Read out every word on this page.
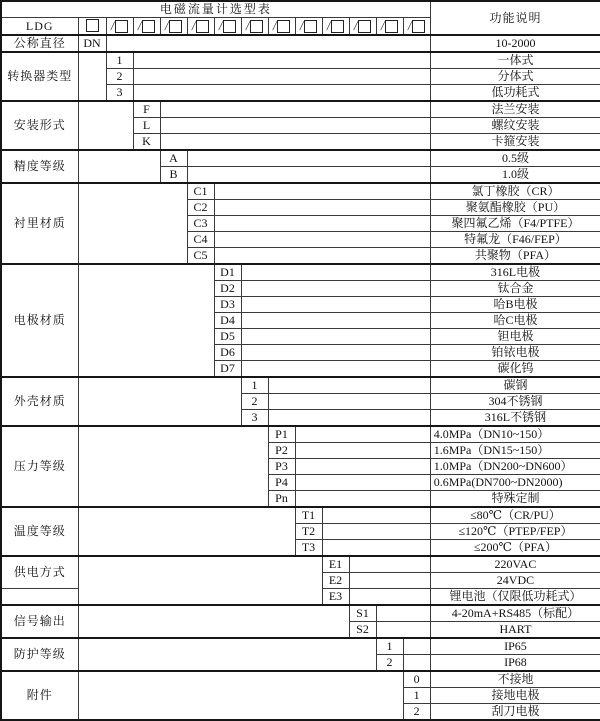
电磁流量计选型表														功能说明
LDG		/	/	/	/	/	/	/	/	/	/	/	/	
公称直径	DN													10-2000
转换器类型		1												一体式
		2												分体式
		3												低功耗式
安装形式			F											法兰安装
			L											螺纹安装
			K											卡箍安装
精度等级				A										0.5级
				B										1.0级
衬里材质					C1									氯丁橡胶（CR）
					C2									聚氨酯橡胶（PU）
					C3									聚四氟乙烯（F4/PTFE）
					C4									特氟龙（F46/FEP）
					C5									共聚物（PFA）
电极材质						D1								316L电极
						D2								钛合金
						D3								哈B电极
						D4								哈C电极
						D5								钽电极
						D6								铂铱电极
						D7								碳化钨
外壳材质							1							碳钢
							2							304不锈钢
							3							316L不锈钢
压力等级								P1						4.0MPa（DN10~150）
								P2						1.6MPa（DN15~150）
								P3						1.0MPa（DN200~DN600）
								P4						0.6MPa(DN700~DN2000)
								Pn						特殊定制
温度等级									T1					≤80℃（CR/PU）
									T2					≤120℃（PTEP/FEP）
									T3					≤200℃（PFA）
供电方式										E1				220VAC
										E2				24VDC
										E3				锂电池（仅限低功耗式）
信号输出											S1			4-20mA+RS485（标配）
											S2			HART
防护等级												1		IP65
												2		IP68
附件													0	不接地
													1	接地电极
													2	刮刀电极
